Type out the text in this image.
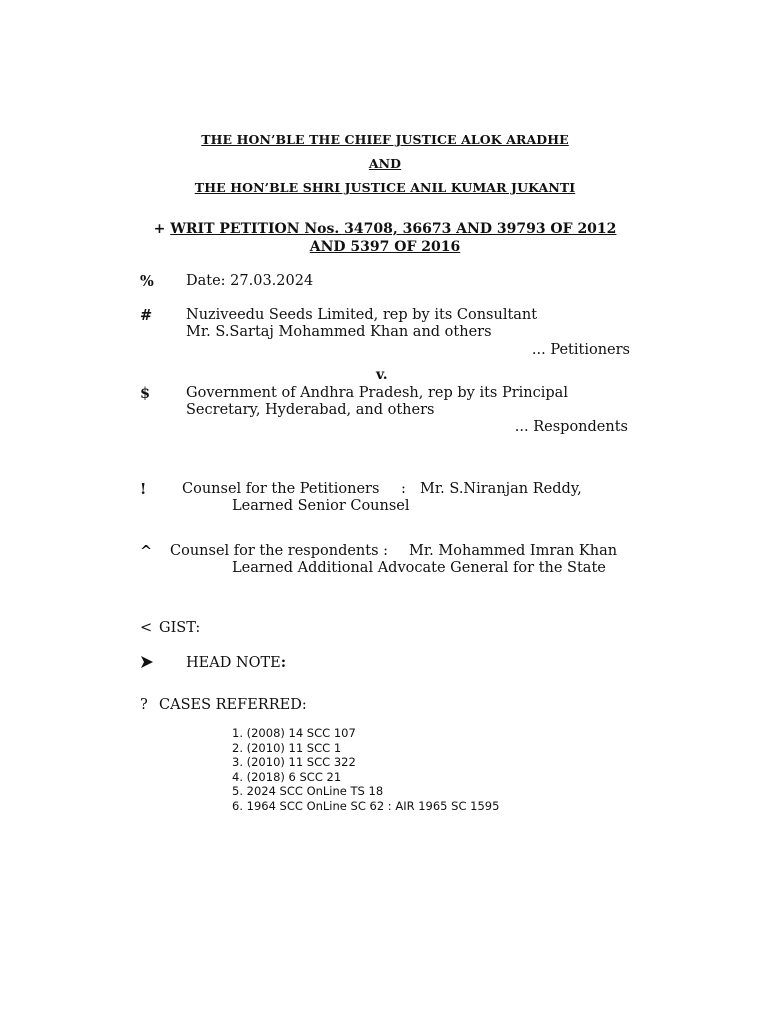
THE HON’BLE THE CHIEF JUSTICE ALOK ARADHE
AND
THE HON’BLE SHRI JUSTICE ANIL KUMAR JUKANTI
+ WRIT PETITION Nos. 34708, 36673 AND 39793 OF 2012
AND 5397 OF 2016
% Date: 27.03.2024
# Nuziveedu Seeds Limited, rep by its Consultant
Mr. S.Sartaj Mohammed Khan and others
... Petitioners
v.
$ Government of Andhra Pradesh, rep by its Principal
Secretary, Hyderabad, and others
... Respondents
! Counsel for the Petitioners : Mr. S.Niranjan Reddy,
Learned Senior Counsel
^ Counsel for the respondents : Mr. Mohammed Imran Khan
Learned Additional Advocate General for the State
< GIST:
HEAD NOTE:
? CASES REFERRED:
1. (2008) 14 SCC 107
2. (2010) 11 SCC 1
3. (2010) 11 SCC 322
4. (2018) 6 SCC 21
5. 2024 SCC OnLine TS 18
6. 1964 SCC OnLine SC 62 : AIR 1965 SC 1595
